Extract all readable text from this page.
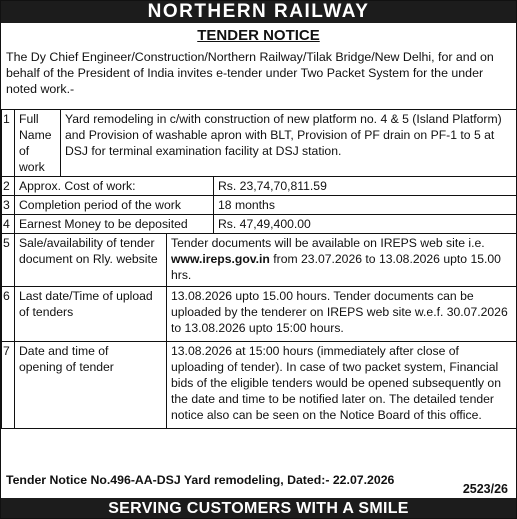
NORTHERN RAILWAY
TENDER NOTICE
The Dy Chief Engineer/Construction/Northern Railway/Tilak Bridge/New Delhi, for and on behalf of the President of India invites e-tender under Two Packet System for the under noted work.-
1	Full Name of work	Yard remodeling in c/with construction of new platform no. 4 & 5 (Island Platform) and Provision of washable apron with BLT, Provision of PF drain on PF-1 to 5 at DSJ for terminal examination facility at DSJ station.		
2	Approx. Cost of work:			Rs. 23,74,70,811.59
3	Completion period of the work			18 months
4	Earnest Money to be deposited			Rs. 47,49,400.00
5	Sale/availability of tender document on Rly. website		Tender documents will be available on IREPS web site i.e. www.ireps.gov.in from 23.07.2026 to 13.08.2026 upto 15.00 hrs.	
6	Last date/Time of upload of tenders		13.08.2026 upto 15.00 hours. Tender documents can be uploaded by the tenderer on IREPS web site w.e.f. 30.07.2026 to 13.08.2026 upto 15:00 hours.	
7	Date and time of opening of tender		13.08.2026 at 15:00 hours (immediately after close of uploading of tender). In case of two packet system, Financial bids of the eligible tenders would be opened subsequently on the date and time to be notified later on. The detailed tender notice also can be seen on the Notice Board of this office.	
Tender Notice No.496-AA-DSJ Yard remodeling, Dated:- 22.07.2026
2523/26
SERVING CUSTOMERS WITH A SMILE
